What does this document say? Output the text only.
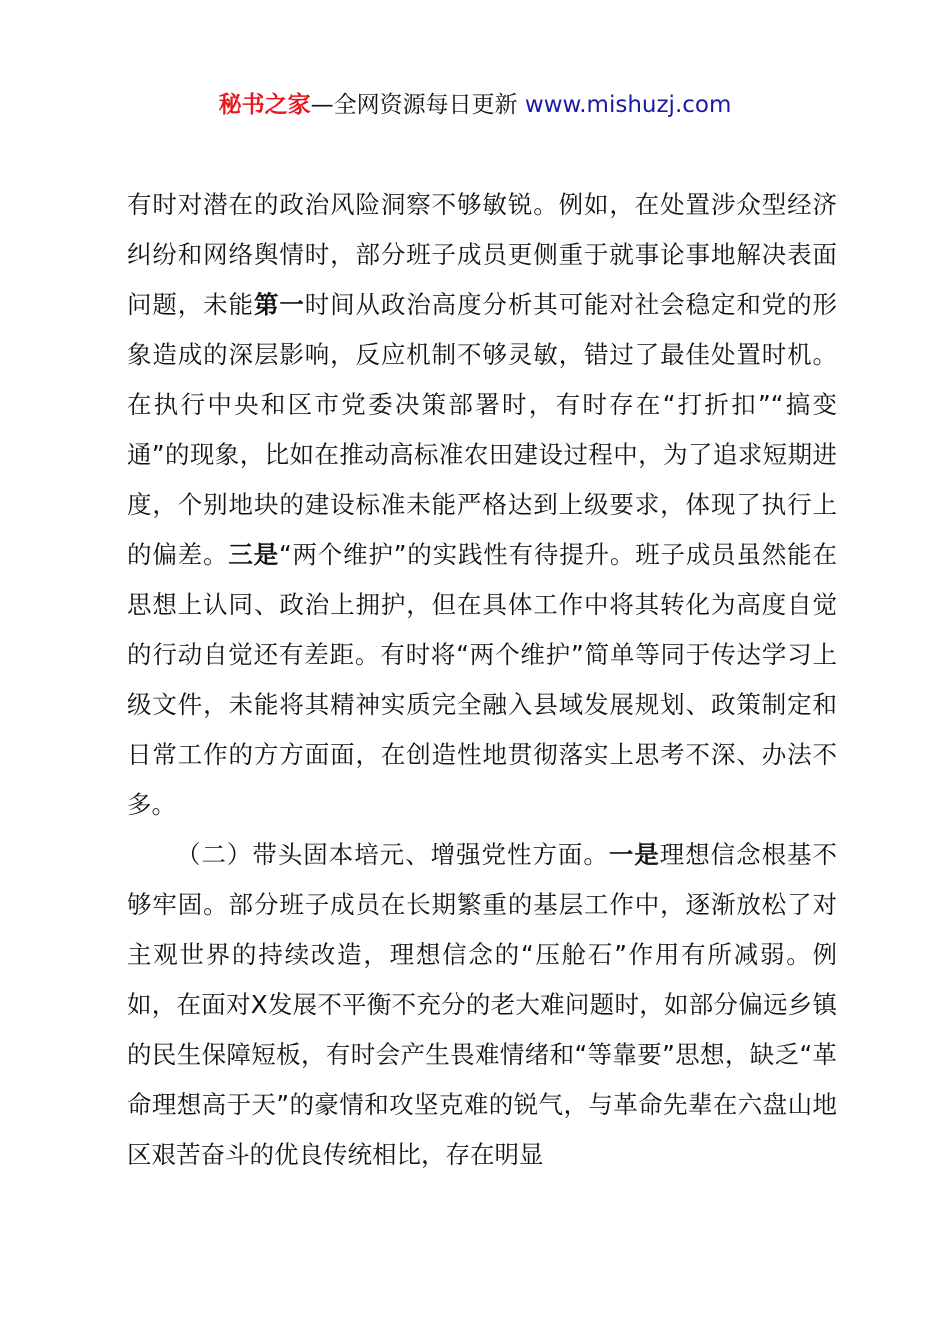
秘书之家—全网资源每日更新 www.mishuzj.com

有时对潜在的政治风险洞察不够敏锐。例如，在处置涉众型经济纠纷和网络舆情时，部分班子成员更侧重于就事论事地解决表面问题，未能第一时间从政治高度分析其可能对社会稳定和党的形象造成的深层影响，反应机制不够灵敏，错过了最佳处置时机。在执行中央和区市党委决策部署时，有时存在“打折扣”“搞变通”的现象，比如在推动高标准农田建设过程中，为了追求短期进度，个别地块的建设标准未能严格达到上级要求，体现了执行上的偏差。三是“两个维护”的实践性有待提升。班子成员虽然能在思想上认同、政治上拥护，但在具体工作中将其转化为高度自觉的行动自觉还有差距。有时将“两个维护”简单等同于传达学习上级文件，未能将其精神实质完全融入县域发展规划、政策制定和日常工作的方方面面，在创造性地贯彻落实上思考不深、办法不多。

（二）带头固本培元、增强党性方面。一是理想信念根基不够牢固。部分班子成员在长期繁重的基层工作中，逐渐放松了对主观世界的持续改造，理想信念的“压舱石”作用有所减弱。例如，在面对X发展不平衡不充分的老大难问题时，如部分偏远乡镇的民生保障短板，有时会产生畏难情绪和“等靠要”思想，缺乏“革命理想高于天”的豪情和攻坚克难的锐气，与革命先辈在六盘山地区艰苦奋斗的优良传统相比，存在明显
